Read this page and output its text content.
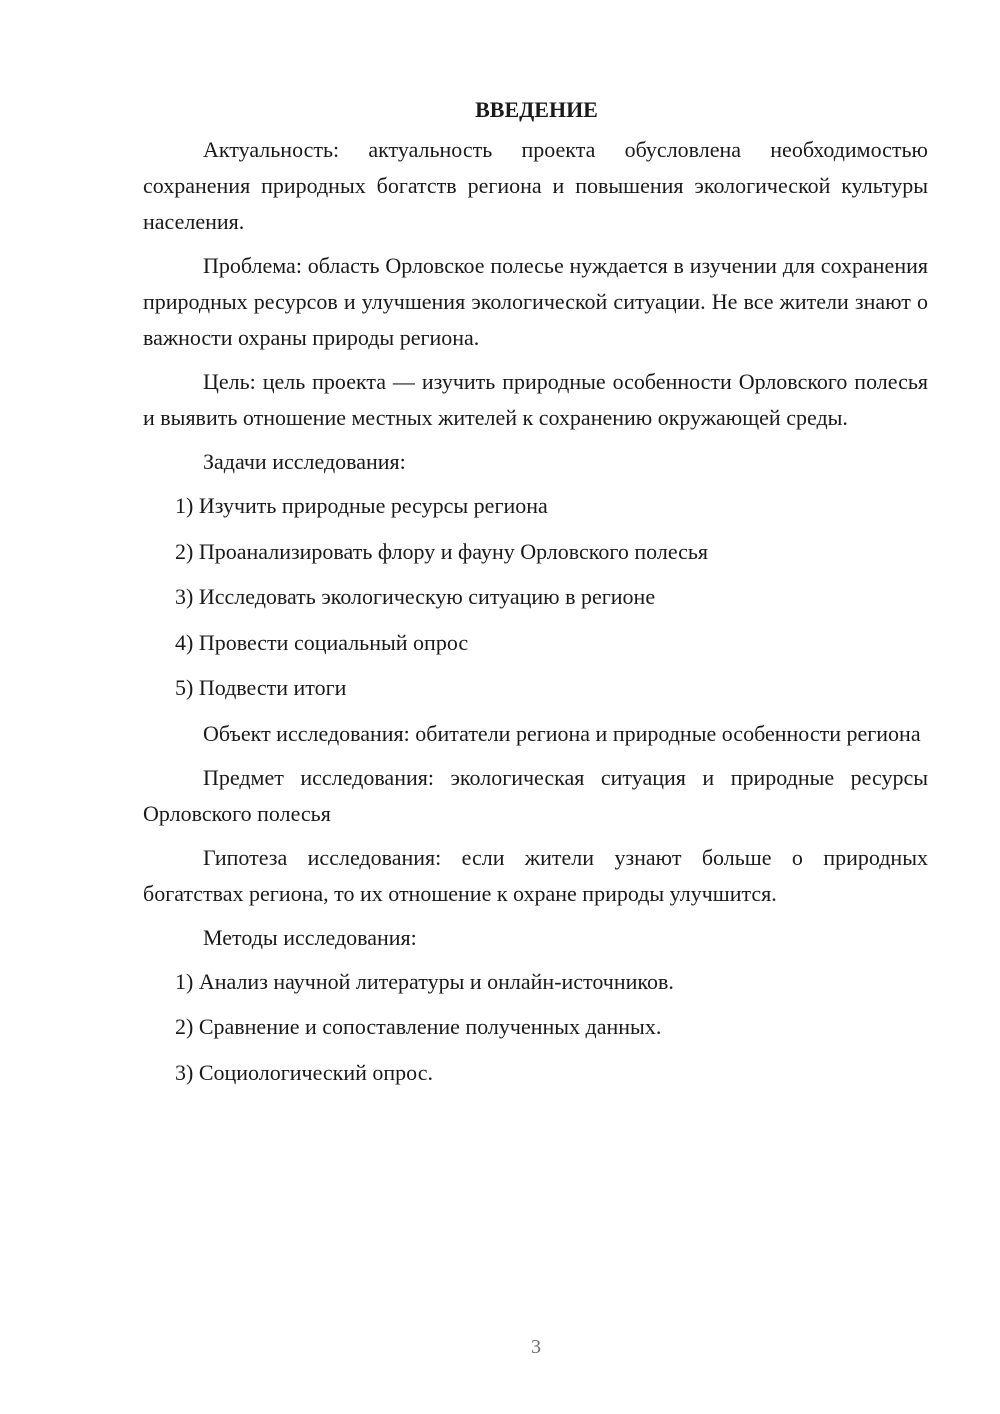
ВВЕДЕНИЕ

Актуальность: актуальность проекта обусловлена необходимостью сохранения природных богатств региона и повышения экологической культуры населения.

Проблема: область Орловское полесье нуждается в изучении для сохранения природных ресурсов и улучшения экологической ситуации. Не все жители знают о важности охраны природы региона.

Цель: цель проекта — изучить природные особенности Орловского полесья и выявить отношение местных жителей к сохранению окружающей среды.

Задачи исследования:

1) Изучить природные ресурсы региона

2) Проанализировать флору и фауну Орловского полесья

3) Исследовать экологическую ситуацию в регионе

4) Провести социальный опрос

5) Подвести итоги

Объект исследования: обитатели региона и природные особенности региона

Предмет исследования: экологическая ситуация и природные ресурсы Орловского полесья

Гипотеза исследования: если жители узнают больше о природных богатствах региона, то их отношение к охране природы улучшится.

Методы исследования:

1) Анализ научной литературы и онлайн-источников.

2) Сравнение и сопоставление полученных данных.

3) Социологический опрос.

3
